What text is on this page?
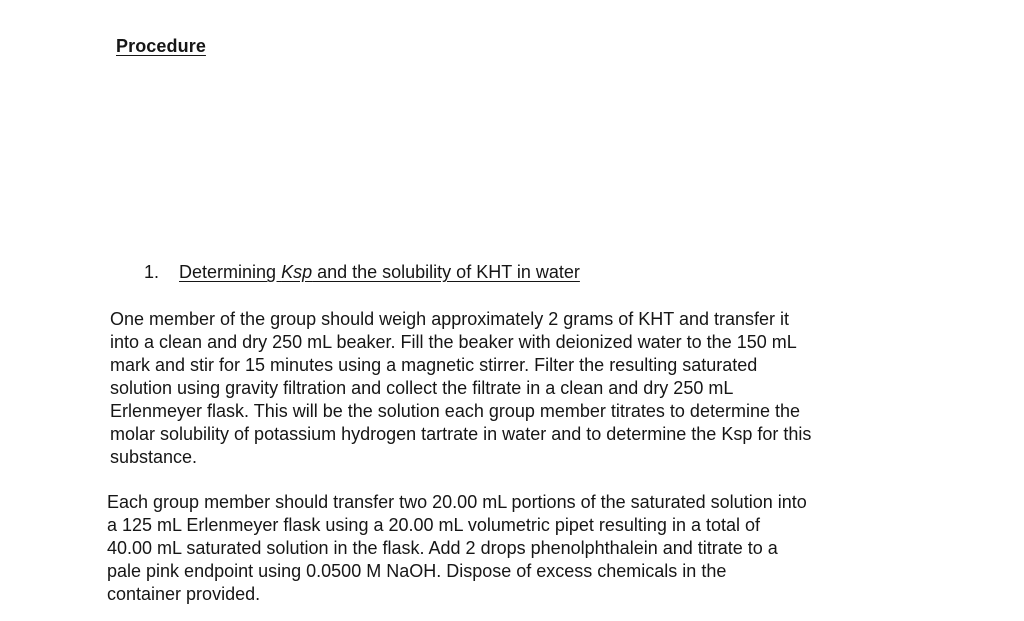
Procedure
1. Determining Ksp and the solubility of KHT in water
One member of the group should weigh approximately 2 grams of KHT and transfer it
into a clean and dry 250 mL beaker. Fill the beaker with deionized water to the 150 mL
mark and stir for 15 minutes using a magnetic stirrer. Filter the resulting saturated
solution using gravity filtration and collect the filtrate in a clean and dry 250 mL
Erlenmeyer flask. This will be the solution each group member titrates to determine the
molar solubility of potassium hydrogen tartrate in water and to determine the Ksp for this
substance.
Each group member should transfer two 20.00 mL portions of the saturated solution into
a 125 mL Erlenmeyer flask using a 20.00 mL volumetric pipet resulting in a total of
40.00 mL saturated solution in the flask. Add 2 drops phenolphthalein and titrate to a
pale pink endpoint using 0.0500 M NaOH. Dispose of excess chemicals in the
container provided.
